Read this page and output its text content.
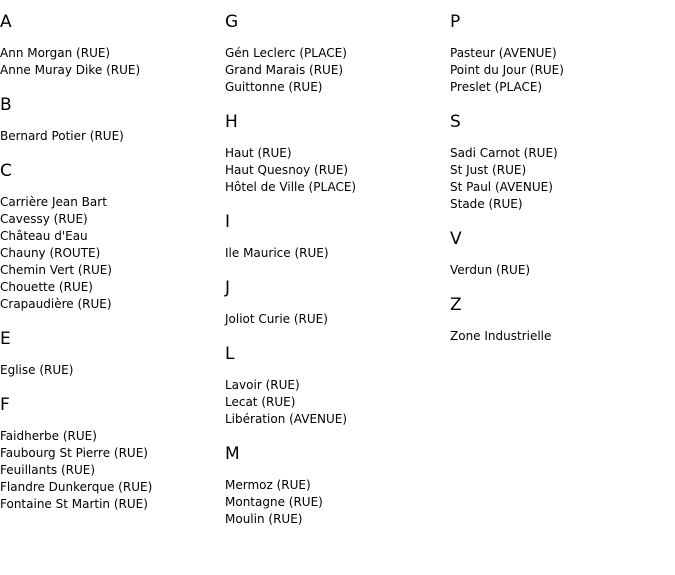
A
Ann Morgan (RUE)
Anne Muray Dike (RUE)
B
Bernard Potier (RUE)
C
Carrière Jean Bart
Cavessy (RUE)
Château d'Eau
Chauny (ROUTE)
Chemin Vert (RUE)
Chouette (RUE)
Crapaudière (RUE)
E
Eglise (RUE)
F
Faidherbe (RUE)
Faubourg St Pierre (RUE)
Feuillants (RUE)
Flandre Dunkerque (RUE)
Fontaine St Martin (RUE)
G
Gén Leclerc (PLACE)
Grand Marais (RUE)
Guittonne (RUE)
H
Haut (RUE)
Haut Quesnoy (RUE)
Hôtel de Ville (PLACE)
I
Ile Maurice (RUE)
J
Joliot Curie (RUE)
L
Lavoir (RUE)
Lecat (RUE)
Libération (AVENUE)
M
Mermoz (RUE)
Montagne (RUE)
Moulin (RUE)
P
Pasteur (AVENUE)
Point du Jour (RUE)
Preslet (PLACE)
S
Sadi Carnot (RUE)
St Just (RUE)
St Paul (AVENUE)
Stade (RUE)
V
Verdun (RUE)
Z
Zone Industrielle
